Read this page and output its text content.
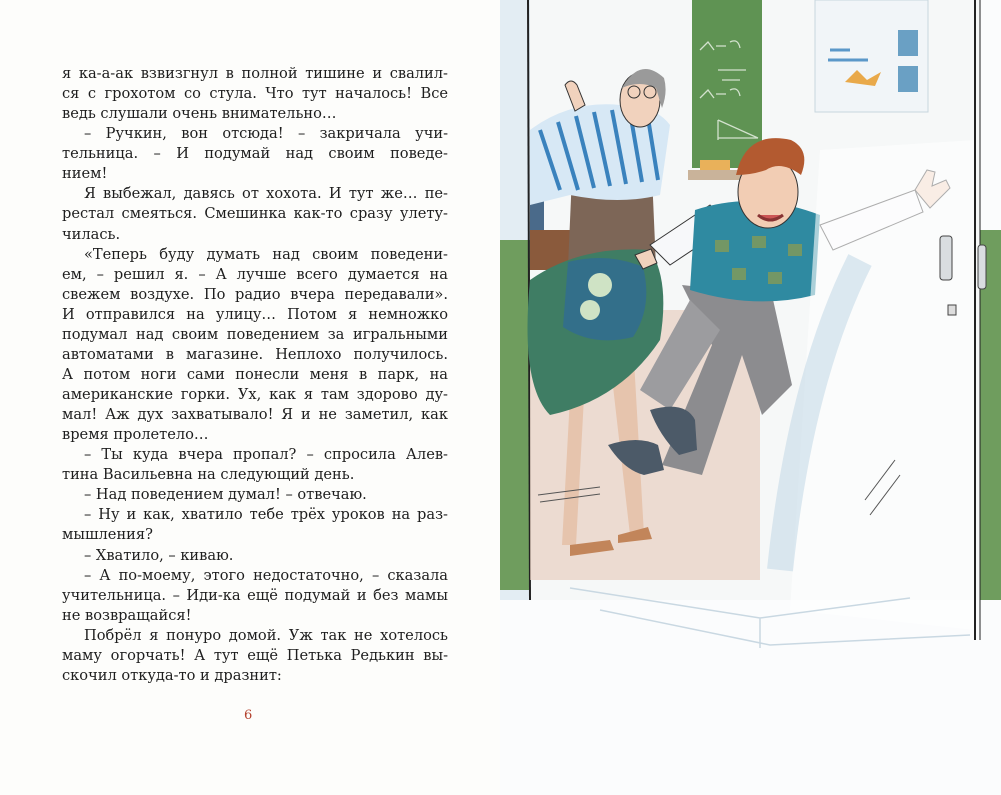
я ка-а-ак взвизгнул в полной тишине и свалил-
ся с грохотом со стула. Что тут началось! Все
ведь слушали очень внимательно…
– Ручкин, вон отсюда! – закричала учи-
тельница. – И подумай над своим поведе-
нием!
Я выбежал, давясь от хохота. И тут же… пе-
рестал смеяться. Смешинка как-то сразу улету-
чилась.
«Теперь буду думать над своим поведени-
ем, – решил я. – А лучше всего думается на
свежем воздухе. По радио вчера передавали».
И отправился на улицу… Потом я немножко
подумал над своим поведением за игральными
автоматами в магазине. Неплохо получилось.
А потом ноги сами понесли меня в парк, на
американские горки. Ух, как я там здорово ду-
мал! Аж дух захватывало! Я и не заметил, как
время пролетело…
– Ты куда вчера пропал? – спросила Алев-
тина Васильевна на следующий день.
– Над поведением думал! – отвечаю.
– Ну и как, хватило тебе трёх уроков на раз-
мышления?
– Хватило, – киваю.
– А по-моему, этого недостаточно, – сказала
учительница. – Иди-ка ещё подумай и без мамы
не возвращайся!
Побрёл я понуро домой. Уж так не хотелось
маму огорчать! А тут ещё Петька Редькин вы-
скочил откуда-то и дразнит:
6
